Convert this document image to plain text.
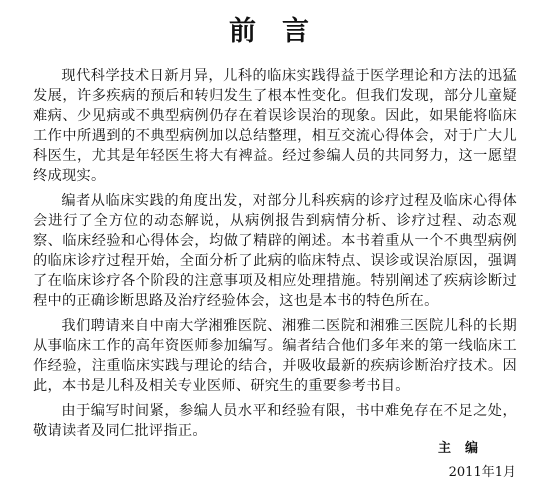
前言

现代科学技术日新月异，儿科的临床实践得益于医学理论和方法的迅猛发展，许多疾病的预后和转归发生了根本性变化。但我们发现，部分儿童疑难病、少见病或不典型病例仍存在着误诊误治的现象。因此，如果能将临床工作中所遇到的不典型病例加以总结整理，相互交流心得体会，对于广大儿科医生，尤其是年轻医生将大有裨益。经过参编人员的共同努力，这一愿望终成现实。

编者从临床实践的角度出发，对部分儿科疾病的诊疗过程及临床心得体会进行了全方位的动态解说，从病例报告到病情分析、诊疗过程、动态观察、临床经验和心得体会，均做了精辟的阐述。本书着重从一个不典型病例的临床诊疗过程开始，全面分析了此病的临床特点、误诊或误治原因，强调了在临床诊疗各个阶段的注意事项及相应处理措施。特别阐述了疾病诊断过程中的正确诊断思路及治疗经验体会，这也是本书的特色所在。

我们聘请来自中南大学湘雅医院、湘雅二医院和湘雅三医院儿科的长期从事临床工作的高年资医师参加编写。编者结合他们多年来的第一线临床工作经验，注重临床实践与理论的结合，并吸收最新的疾病诊断治疗技术。因此，本书是儿科及相关专业医师、研究生的重要参考书目。

由于编写时间紧，参编人员水平和经验有限，书中难免存在不足之处，敬请读者及同仁批评指正。

主编
2011年1月
